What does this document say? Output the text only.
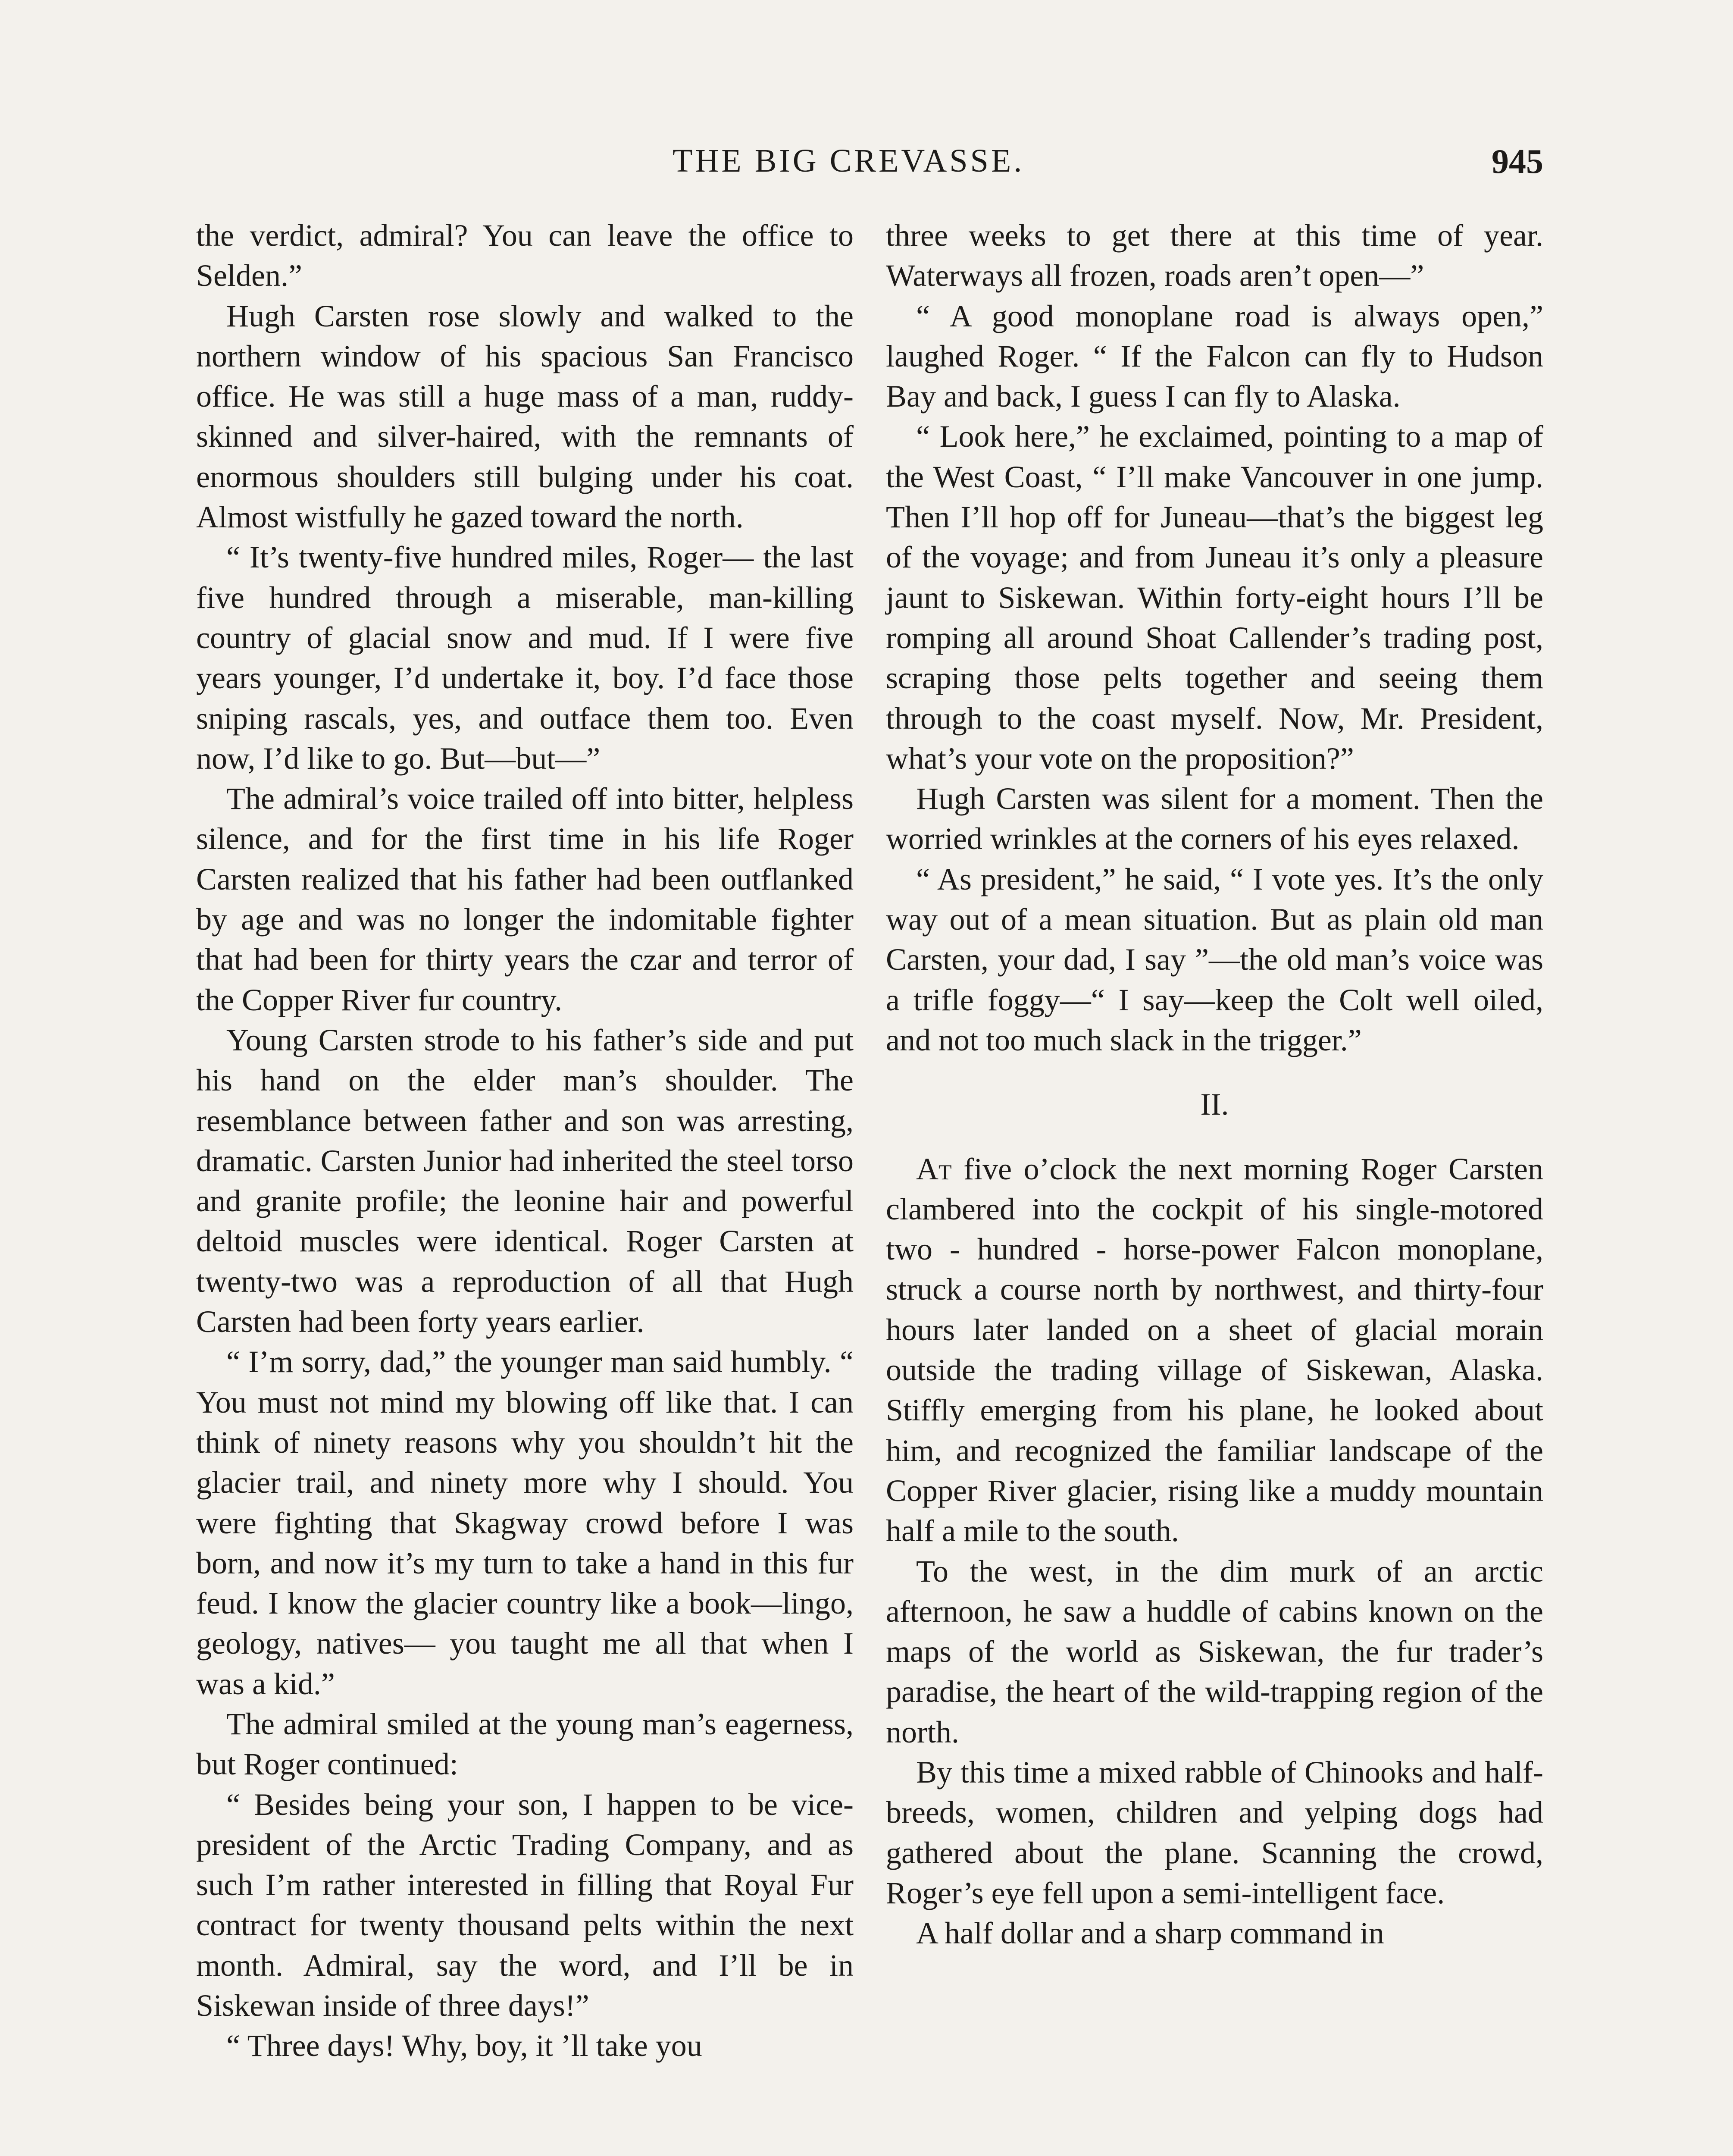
THE BIG CREVASSE.	945

the verdict, admiral? You can leave the office to Selden.”

Hugh Carsten rose slowly and walked to the northern window of his spacious San Francisco office. He was still a huge mass of a man, ruddy-skinned and silver-haired, with the remnants of enormous shoulders still bulging under his coat. Almost wistfully he gazed toward the north.

“ It’s twenty-five hundred miles, Roger— the last five hundred through a miserable, man-killing country of glacial snow and mud. If I were five years younger, I’d undertake it, boy. I’d face those sniping rascals, yes, and outface them too. Even now, I’d like to go. But—but—”

The admiral’s voice trailed off into bitter, helpless silence, and for the first time in his life Roger Carsten realized that his father had been outflanked by age and was no longer the indomitable fighter that had been for thirty years the czar and terror of the Copper River fur country.

Young Carsten strode to his father’s side and put his hand on the elder man’s shoulder. The resemblance between father and son was arresting, dramatic. Carsten Junior had inherited the steel torso and granite profile; the leonine hair and powerful deltoid muscles were identical. Roger Carsten at twenty-two was a reproduction of all that Hugh Carsten had been forty years earlier.

“ I’m sorry, dad,” the younger man said humbly. “ You must not mind my blowing off like that. I can think of ninety reasons why you shouldn’t hit the glacier trail, and ninety more why I should. You were fighting that Skagway crowd before I was born, and now it’s my turn to take a hand in this fur feud. I know the glacier country like a book—lingo, geology, natives— you taught me all that when I was a kid.”

The admiral smiled at the young man’s eagerness, but Roger continued:

“ Besides being your son, I happen to be vice-president of the Arctic Trading Company, and as such I’m rather interested in filling that Royal Fur contract for twenty thousand pelts within the next month. Admiral, say the word, and I’ll be in Siskewan inside of three days!”

“ Three days! Why, boy, it ’ll take you

three weeks to get there at this time of year. Waterways all frozen, roads aren’t open—”

“ A good monoplane road is always open,” laughed Roger. “ If the Falcon can fly to Hudson Bay and back, I guess I can fly to Alaska.

“ Look here,” he exclaimed, pointing to a map of the West Coast, “ I’ll make Vancouver in one jump. Then I’ll hop off for Juneau—that’s the biggest leg of the voyage; and from Juneau it’s only a pleasure jaunt to Siskewan. Within forty-eight hours I’ll be romping all around Shoat Callender’s trading post, scraping those pelts together and seeing them through to the coast myself. Now, Mr. President, what’s your vote on the proposition?”

Hugh Carsten was silent for a moment. Then the worried wrinkles at the corners of his eyes relaxed.

“ As president,” he said, “ I vote yes. It’s the only way out of a mean situation. But as plain old man Carsten, your dad, I say ”—the old man’s voice was a trifle foggy—“ I say—keep the Colt well oiled, and not too much slack in the trigger.”

II.

At five o’clock the next morning Roger Carsten clambered into the cockpit of his single-motored two - hundred - horse-power Falcon monoplane, struck a course north by northwest, and thirty-four hours later landed on a sheet of glacial morain outside the trading village of Siskewan, Alaska. Stiffly emerging from his plane, he looked about him, and recognized the familiar landscape of the Copper River glacier, rising like a muddy mountain half a mile to the south.

To the west, in the dim murk of an arctic afternoon, he saw a huddle of cabins known on the maps of the world as Siskewan, the fur trader’s paradise, the heart of the wild-trapping region of the north.

By this time a mixed rabble of Chinooks and half-breeds, women, children and yelping dogs had gathered about the plane. Scanning the crowd, Roger’s eye fell upon a semi-intelligent face.

A half dollar and a sharp command in
